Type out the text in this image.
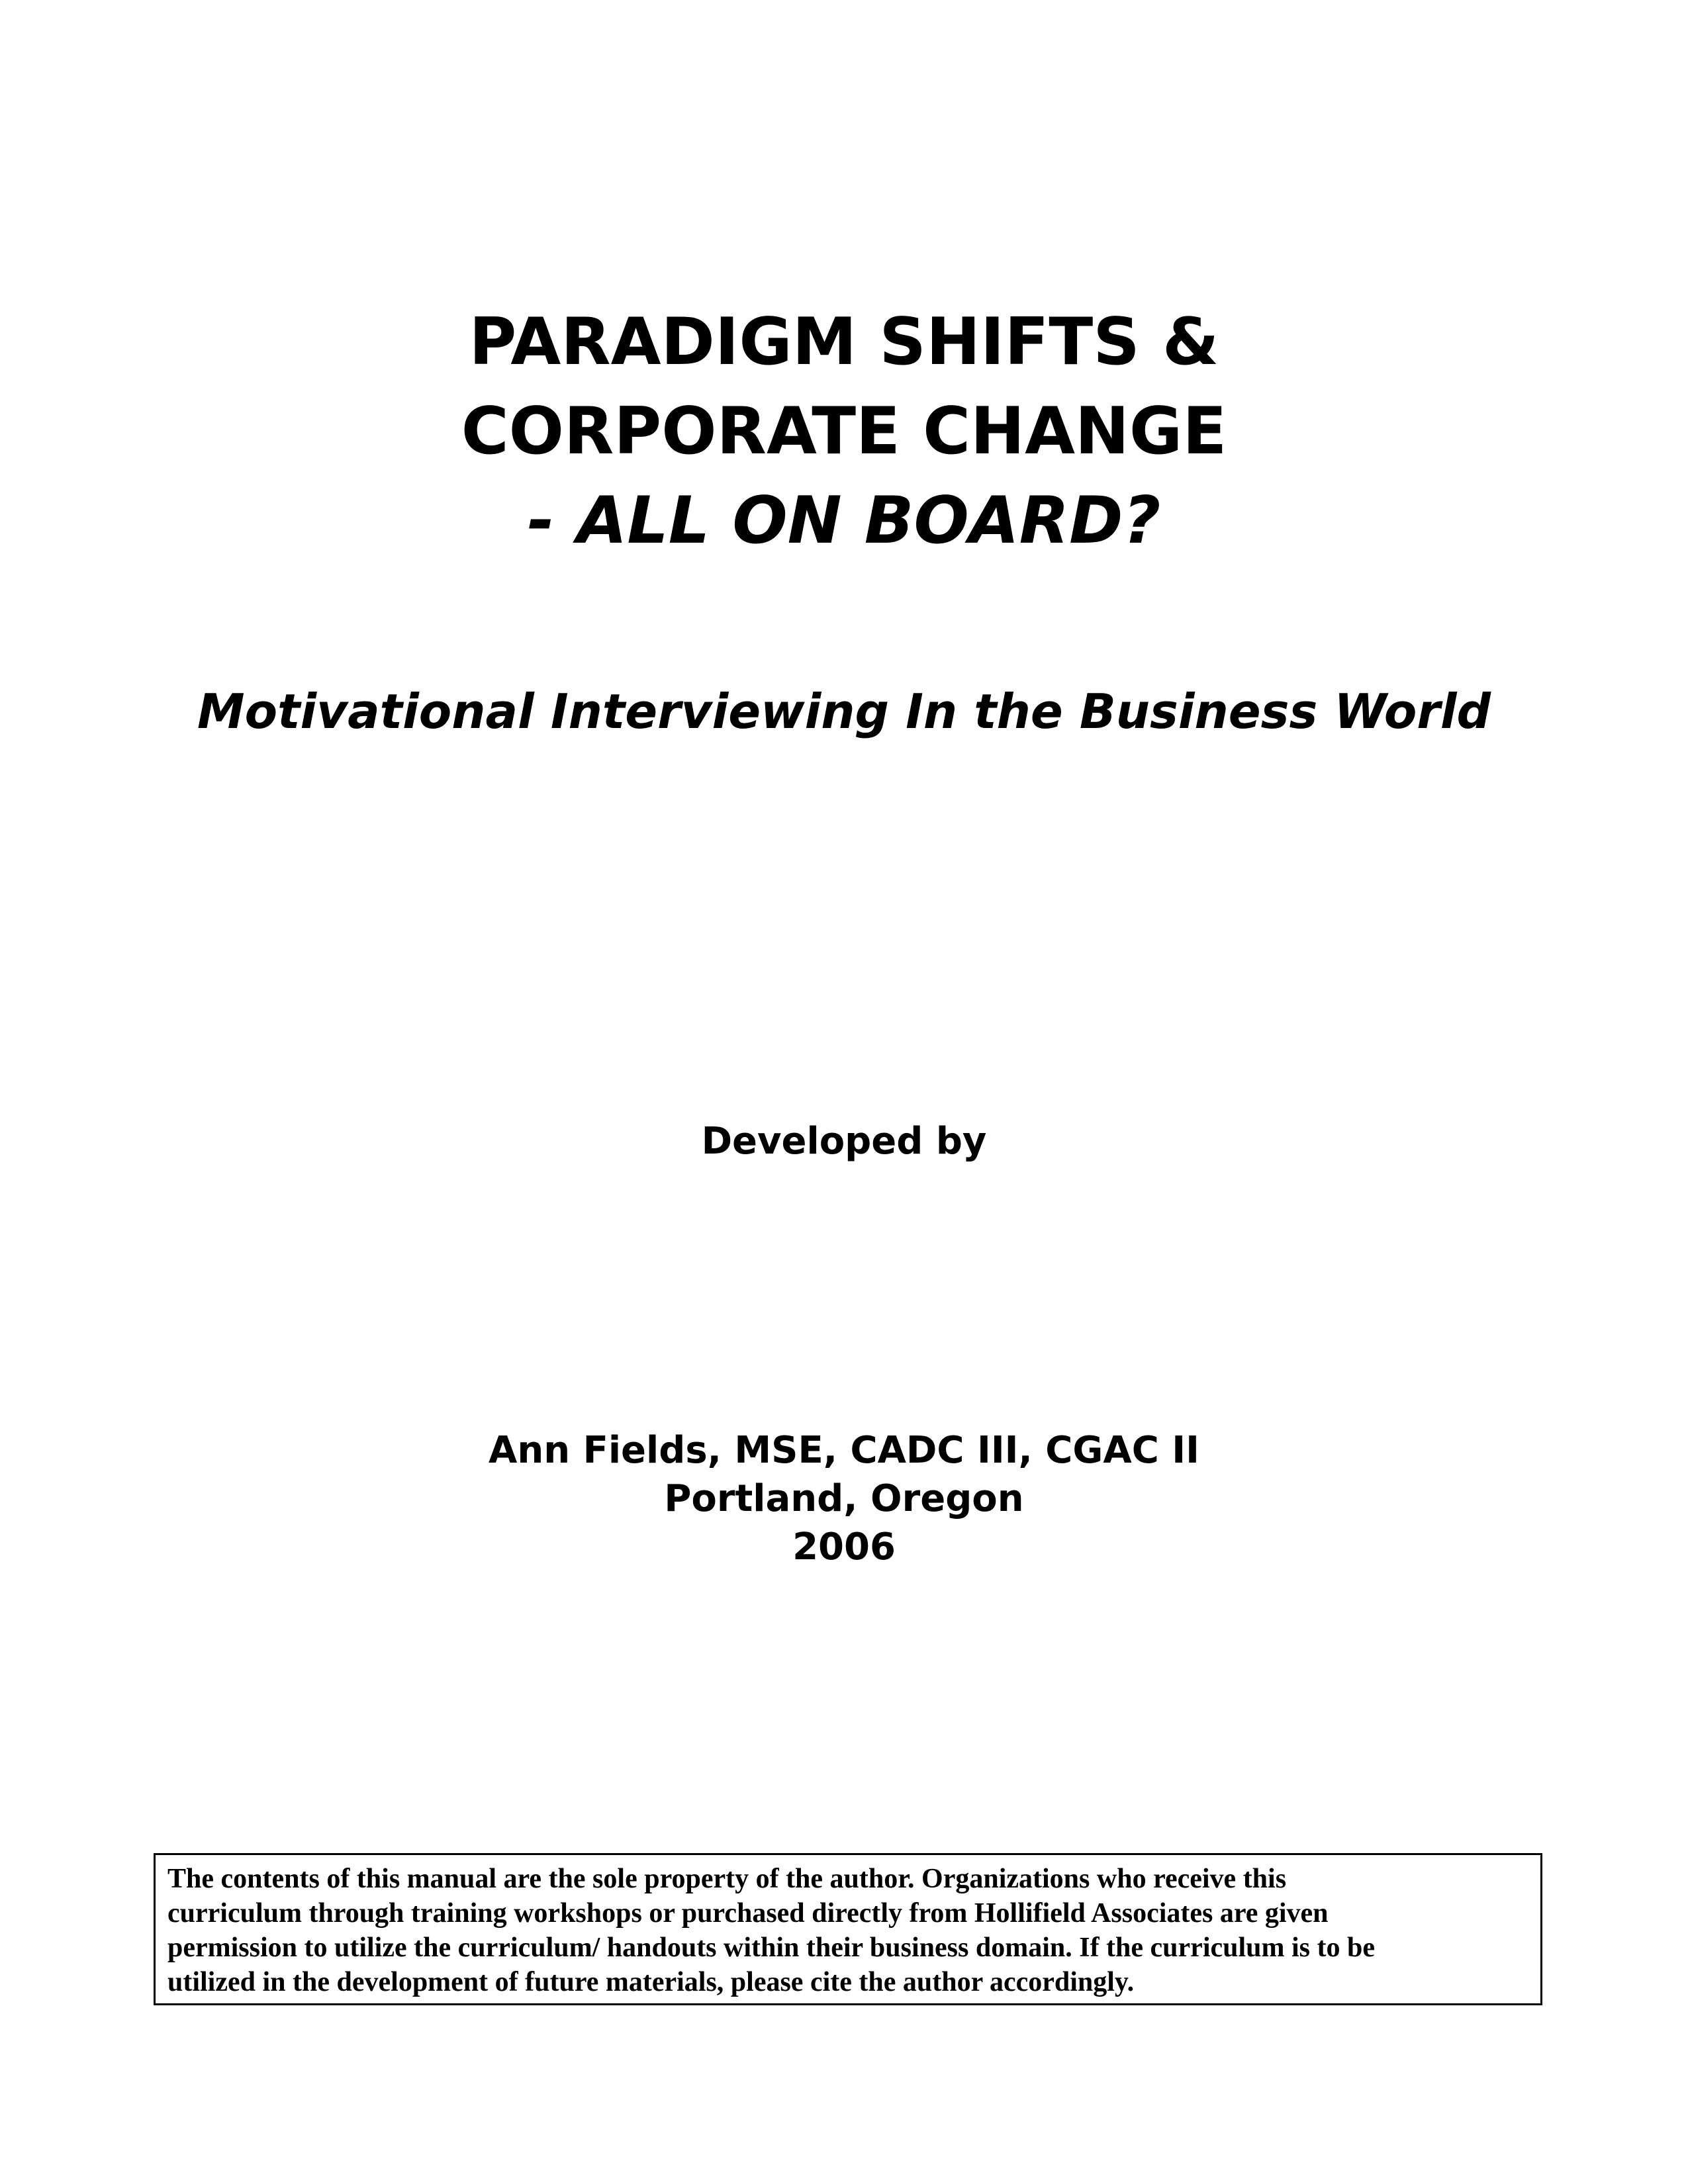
PARADIGM SHIFTS &
CORPORATE CHANGE
- ALL ON BOARD?
Motivational Interviewing In the Business World
Developed by
Ann Fields, MSE, CADC III, CGAC II
Portland, Oregon
2006
The contents of this manual are the sole property of the author. Organizations who receive this
curriculum through training workshops or purchased directly from Hollifield Associates are given
permission to utilize the curriculum/ handouts within their business domain. If the curriculum is to be
utilized in the development of future materials, please cite the author accordingly.
